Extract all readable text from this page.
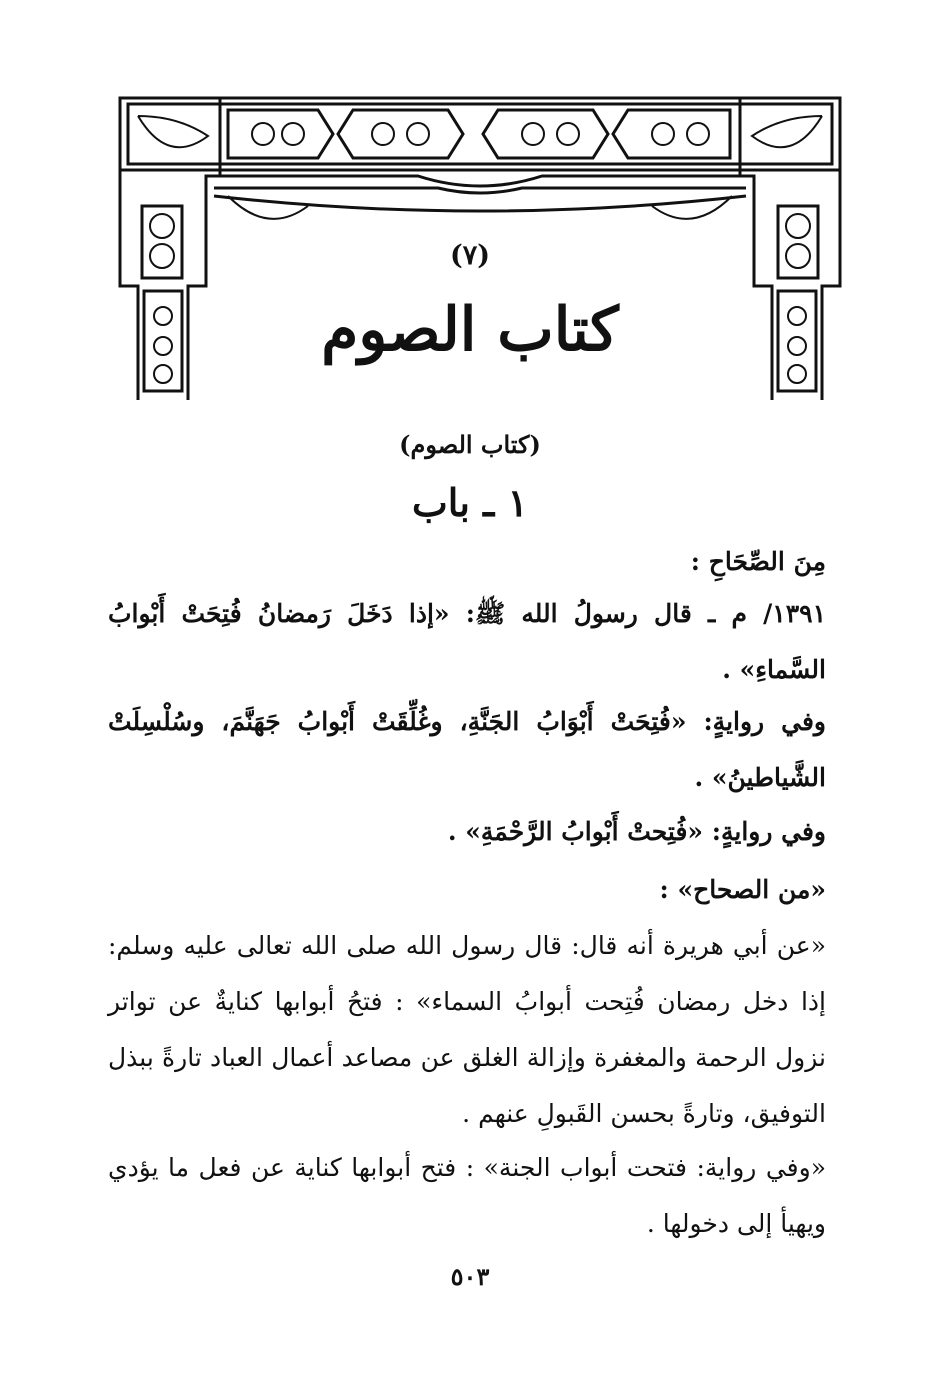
(٧)
كتاب الصوم
(كتاب الصوم)
١ ـ باب
مِنَ الصِّحَاحِ :
١٣٩١/ م ـ قال رسولُ الله ﷺ: «إذا دَخَلَ رَمضانُ فُتِحَتْ أَبْوابُ السَّماءِ» .
وفي روايةٍ: «فُتِحَتْ أَبْوَابُ الجَنَّةِ، وغُلِّقَتْ أَبْوابُ جَهَنَّمَ، وسُلْسِلَتْ الشَّياطينُ» .
وفي روايةٍ: «فُتِحتْ أَبْوابُ الرَّحْمَةِ» .
«من الصحاح» :
«عن أبي هريرة أنه قال: قال رسول الله صلى الله تعالى عليه وسلم: إذا دخل رمضان فُتِحت أبوابُ السماء» : فتحُ أبوابها كنايةٌ عن تواتر نزول الرحمة والمغفرة وإزالة الغلق عن مصاعد أعمال العباد تارةً ببذل التوفيق، وتارةً بحسن القَبولِ عنهم .
«وفي رواية: فتحت أبواب الجنة» : فتح أبوابها كناية عن فعل ما يؤدي ويهيأ إلى دخولها .
٥٠٣
